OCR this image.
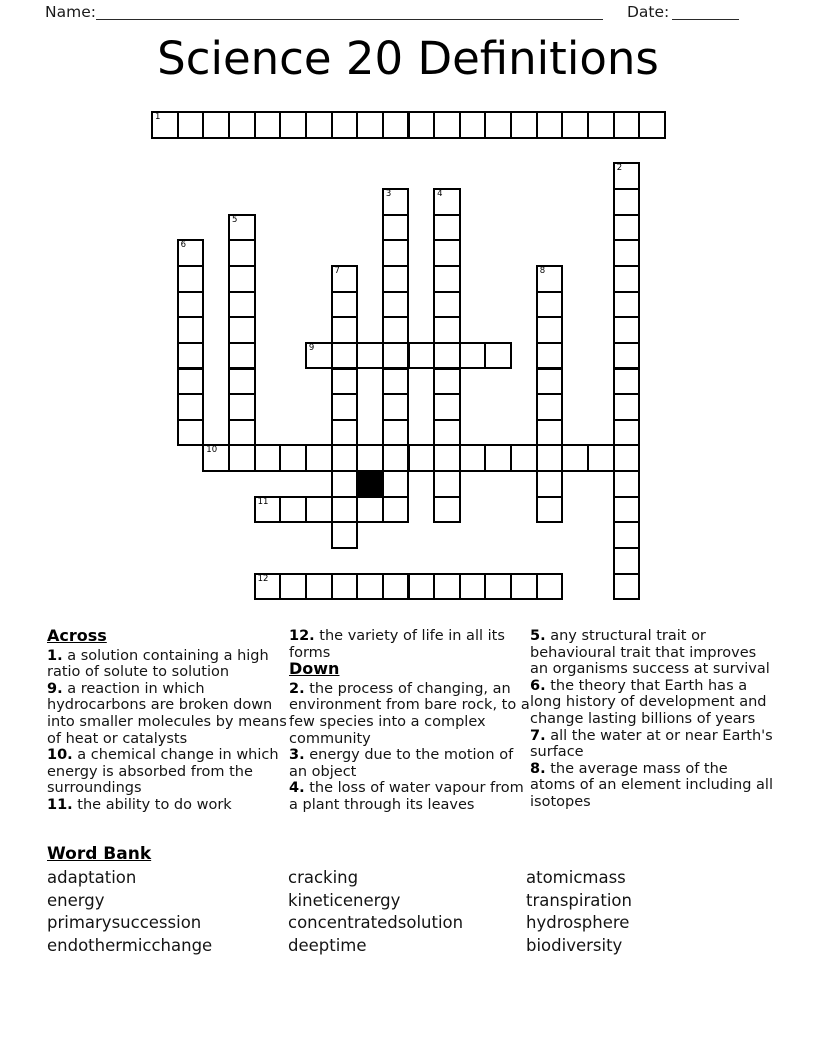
Name:	Date:
Science 20 Definitions
1
2
3	4
5
6
7	8
9
10
11
12
Across
1. a solution containing a high ratio of solute to solution
9. a reaction in which hydrocarbons are broken down into smaller molecules by means of heat or catalysts
10. a chemical change in which energy is absorbed from the surroundings
11. the ability to do work
12. the variety of life in all its forms
Down
2. the process of changing, an environment from bare rock, to a few species into a complex community
3. energy due to the motion of an object
4. the loss of water vapour from a plant through its leaves
5. any structural trait or behavioural trait that improves an organisms success at survival
6. the theory that Earth has a long history of development and change lasting billions of years
7. all the water at or near Earth's surface
8. the average mass of the atoms of an element including all isotopes
Word Bank
adaptation
energy
primarysuccession
endothermicchange
cracking
kineticenergy
concentratedsolution
deeptime
atomicmass
transpiration
hydrosphere
biodiversity
